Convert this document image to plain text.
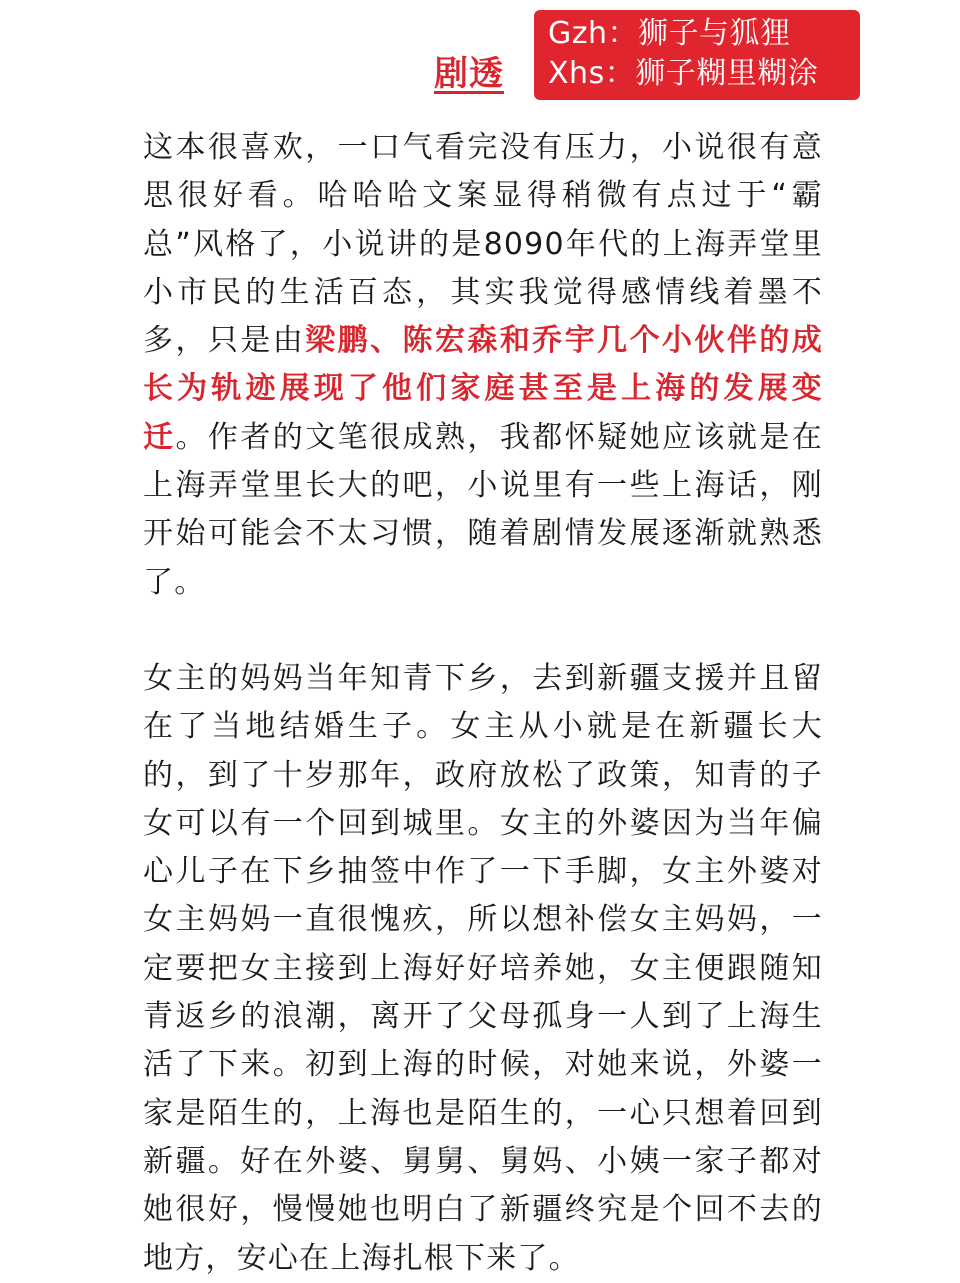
剧透
Gzh：狮子与狐狸
Xhs：狮子糊里糊涂

这本很喜欢，一口气看完没有压力，小说很有意思很好看。哈哈哈文案显得稍微有点过于“霸总”风格了，小说讲的是8090年代的上海弄堂里小市民的生活百态，其实我觉得感情线着墨不多，只是由梁鹏、陈宏森和乔宇几个小伙伴的成长为轨迹展现了他们家庭甚至是上海的发展变迁。作者的文笔很成熟，我都怀疑她应该就是在上海弄堂里长大的吧，小说里有一些上海话，刚开始可能会不太习惯，随着剧情发展逐渐就熟悉了。

女主的妈妈当年知青下乡，去到新疆支援并且留在了当地结婚生子。女主从小就是在新疆长大的，到了十岁那年，政府放松了政策，知青的子女可以有一个回到城里。女主的外婆因为当年偏心儿子在下乡抽签中作了一下手脚，女主外婆对女主妈妈一直很愧疚，所以想补偿女主妈妈，一定要把女主接到上海好好培养她，女主便跟随知青返乡的浪潮，离开了父母孤身一人到了上海生活了下来。初到上海的时候，对她来说，外婆一家是陌生的，上海也是陌生的，一心只想着回到新疆。好在外婆、舅舅、舅妈、小姨一家子都对她很好，慢慢她也明白了新疆终究是个回不去的地方，安心在上海扎根下来了。
